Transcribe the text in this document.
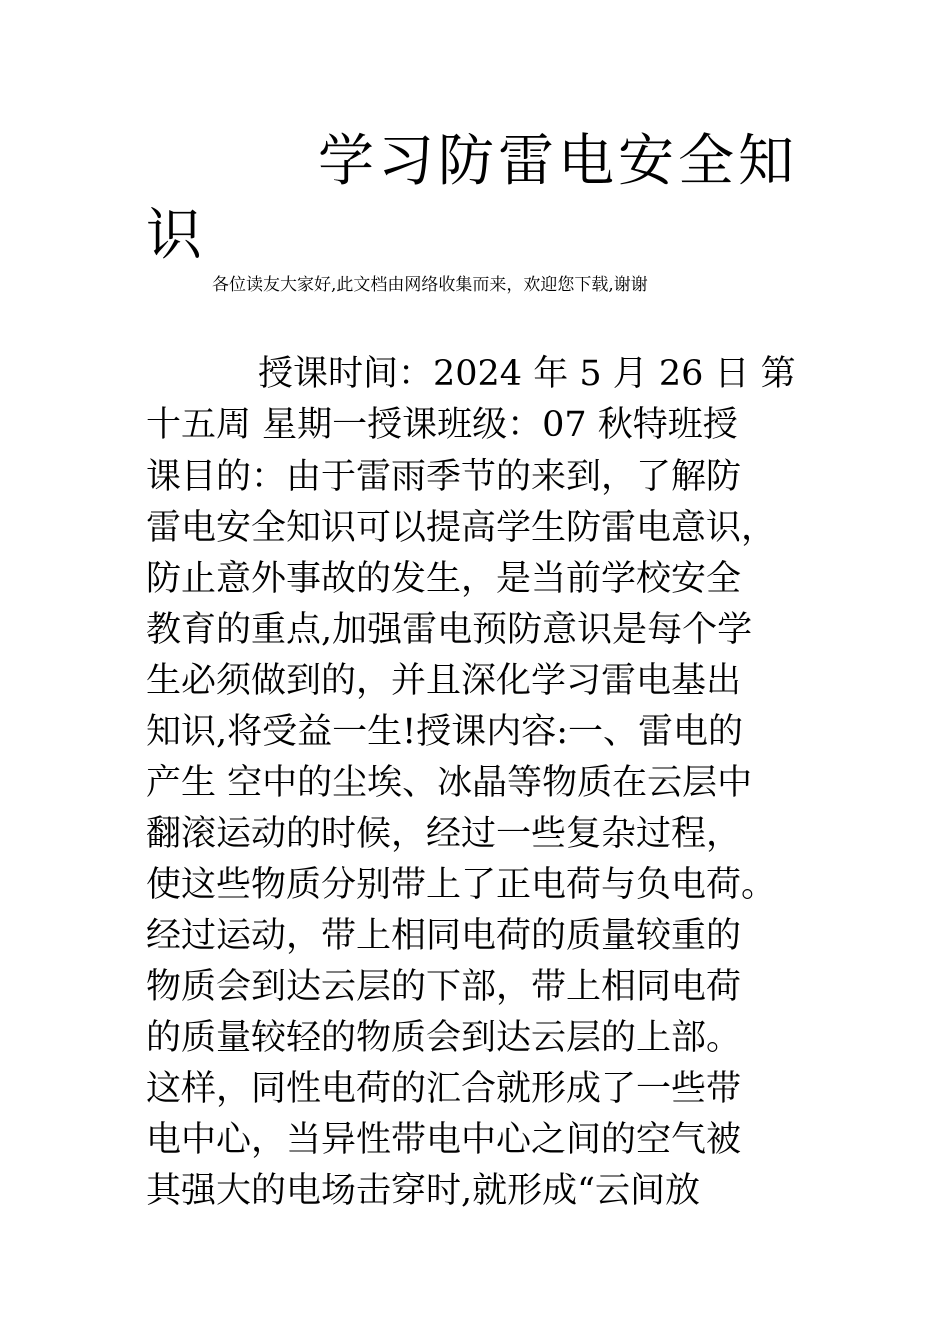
学习防雷电安全知
识
各位读友大家好,此文档由网络收集而来，欢迎您下载,谢谢
授课时间：2024 年 5 月 26 日 第
十五周 星期一授课班级：07 秋特班授
课目的：由于雷雨季节的来到，了解防
雷电安全知识可以提高学生防雷电意识，
防止意外事故的发生，是当前学校安全
教育的重点,加强雷电预防意识是每个学
生必须做到的，并且深化学习雷电基出
知识,将受益一生!授课内容:一、雷电的
产生 空中的尘埃、冰晶等物质在云层中
翻滚运动的时候，经过一些复杂过程，
使这些物质分别带上了正电荷与负电荷。
经过运动，带上相同电荷的质量较重的
物质会到达云层的下部，带上相同电荷
的质量较轻的物质会到达云层的上部。
这样，同性电荷的汇合就形成了一些带
电中心，当异性带电中心之间的空气被
其强大的电场击穿时,就形成“云间放
